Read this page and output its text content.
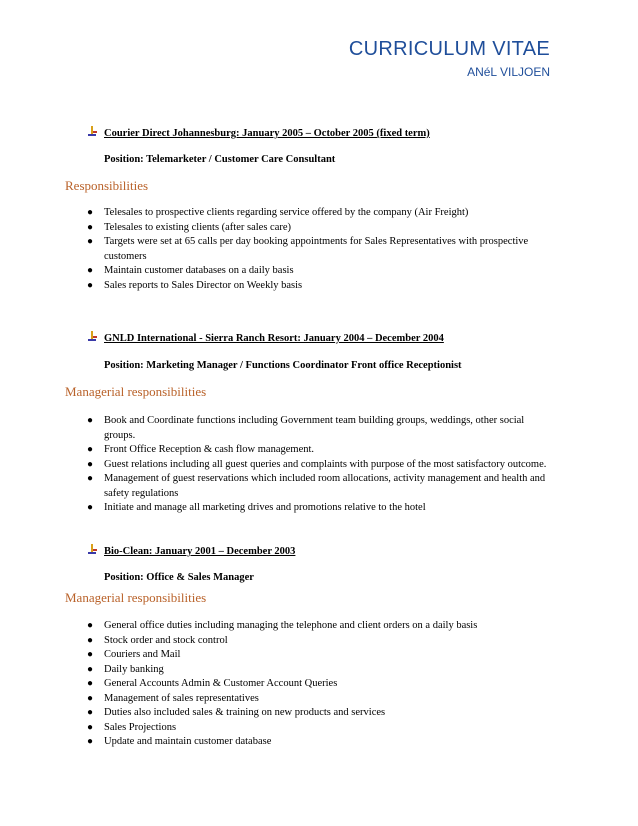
CURRICULUM VITAE
ANéL VILJOEN
Courier Direct Johannesburg: January 2005 – October 2005 (fixed term)
Position: Telemarketer / Customer Care Consultant
Responsibilities
● Telesales to prospective clients regarding service offered by the company (Air Freight)
● Telesales to existing clients (after sales care)
● Targets were set at 65 calls per day booking appointments for Sales Representatives with prospective customers
● Maintain customer databases on a daily basis
● Sales reports to Sales Director on Weekly basis
GNLD International - Sierra Ranch Resort: January 2004 – December 2004
Position: Marketing Manager / Functions Coordinator Front office Receptionist
Managerial responsibilities
● Book and Coordinate functions including Government team building groups, weddings, other social groups.
● Front Office Reception & cash flow management.
● Guest relations including all guest queries and complaints with purpose of the most satisfactory outcome.
● Management of guest reservations which included room allocations, activity management and health and safety regulations
● Initiate and manage all marketing drives and promotions relative to the hotel
Bio-Clean: January 2001 – December 2003
Position: Office & Sales Manager
Managerial responsibilities
● General office duties including managing the telephone and client orders on a daily basis
● Stock order and stock control
● Couriers and Mail
● Daily banking
● General Accounts Admin & Customer Account Queries
● Management of sales representatives
● Duties also included sales & training on new products and services
● Sales Projections
● Update and maintain customer database
